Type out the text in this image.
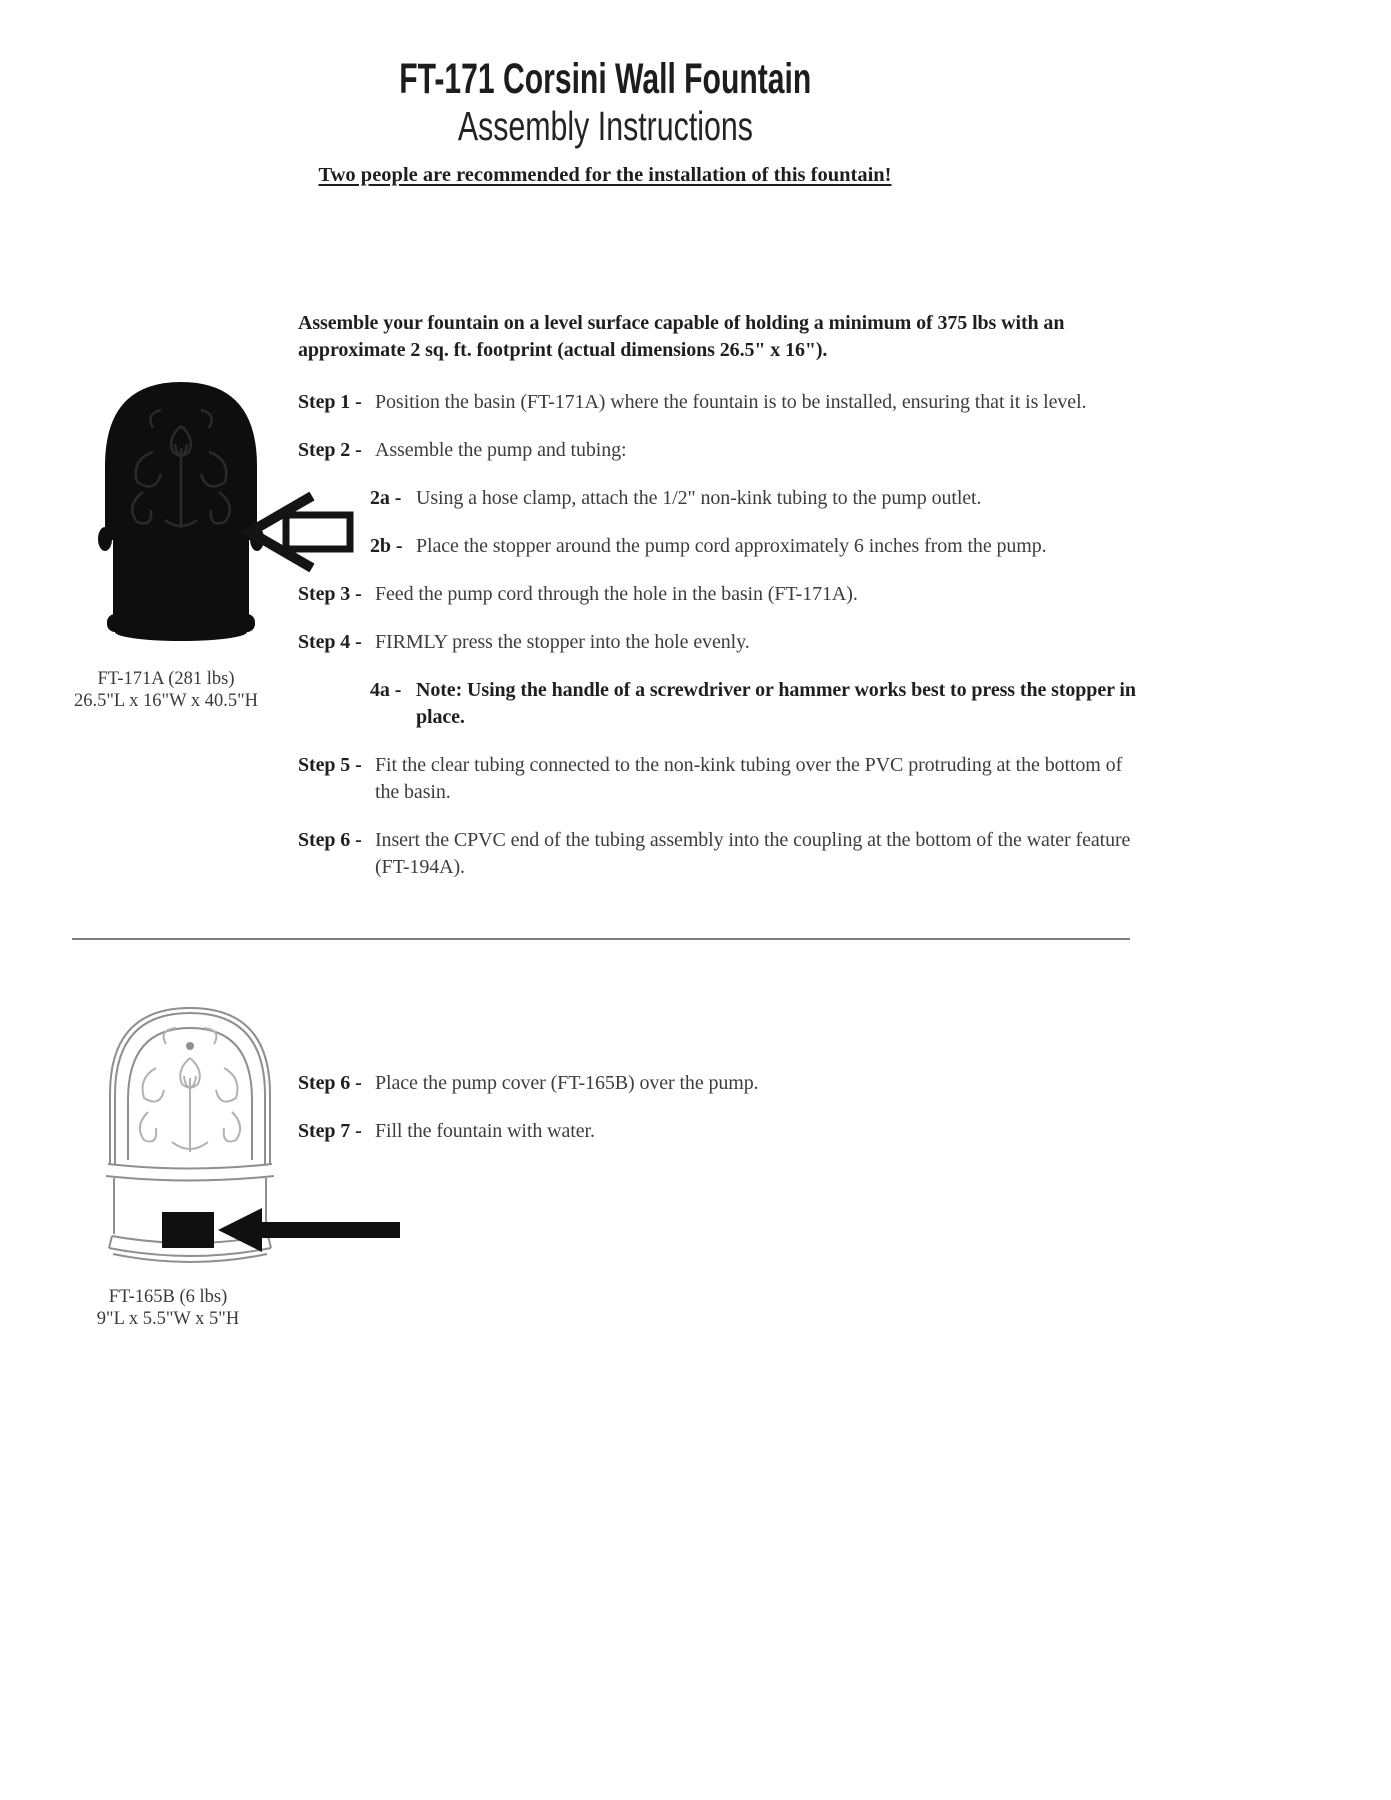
FT-171 Corsini Wall Fountain
Assembly Instructions

Two people are recommended for the installation of this fountain!

FT-171A (281 lbs)
26.5"L x 16"W x 40.5"H

Assemble your fountain on a level surface capable of holding a minimum of 375 lbs with an approximate 2 sq. ft. footprint (actual dimensions 26.5" x 16").

Step 1 - Position the basin (FT-171A) where the fountain is to be installed, ensuring that it is level.
Step 2 - Assemble the pump and tubing:
2a - Using a hose clamp, attach the 1/2" non-kink tubing to the pump outlet.
2b - Place the stopper around the pump cord approximately 6 inches from the pump.
Step 3 - Feed the pump cord through the hole in the basin (FT-171A).
Step 4 - FIRMLY press the stopper into the hole evenly.
4a - Note: Using the handle of a screwdriver or hammer works best to press the stopper in place.
Step 5 - Fit the clear tubing connected to the non-kink tubing over the PVC protruding at the bottom of the basin.
Step 6 - Insert the CPVC end of the tubing assembly into the coupling at the bottom of the water feature (FT-194A).
FT-165B (6 lbs)
9"L x 5.5"W x 5"H
Step 6 - Place the pump cover (FT-165B) over the pump.
Step 7 - Fill the fountain with water.
